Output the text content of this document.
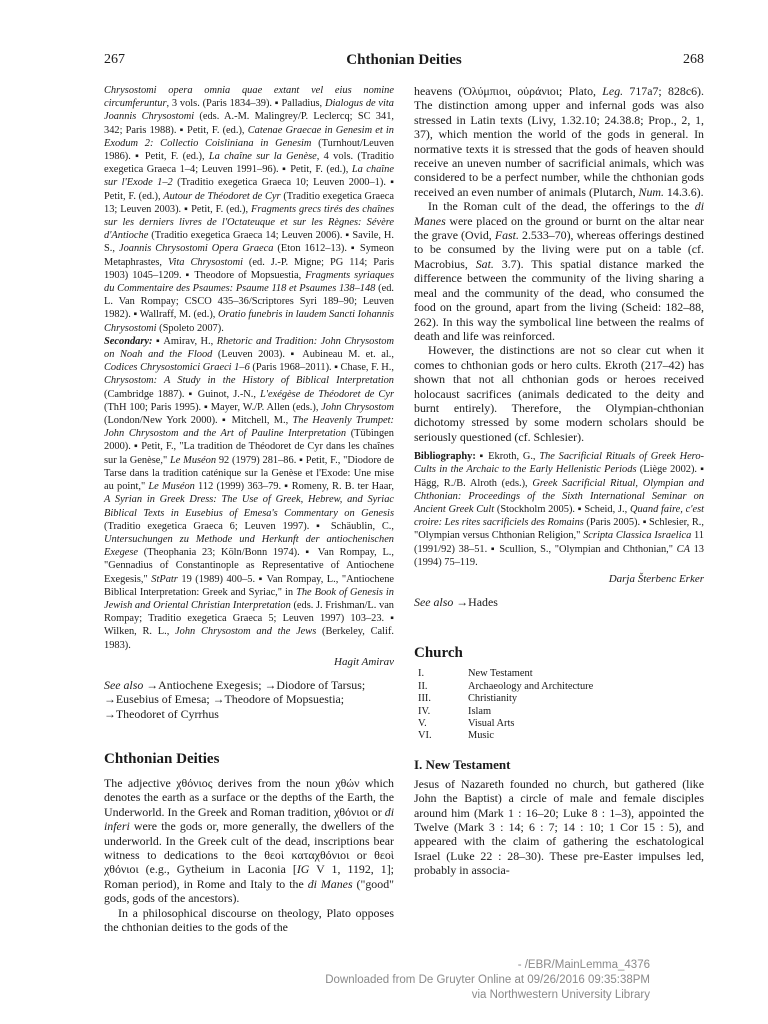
267	Chthonian Deities	268

Chrysostomi opera omnia quae extant vel eius nomine circumferuntur, 3 vols. (Paris 1834–39). ▪ Palladius, Dialogus de vita Joannis Chrysostomi (eds. A.-M. Malingrey/P. Leclercq; SC 341, 342; Paris 1988). ▪ Petit, F. (ed.), Catenae Graecae in Genesim et in Exodum 2: Collectio Coisliniana in Genesim (Turnhout/Leuven 1986). ▪ Petit, F. (ed.), La chaîne sur la Genèse, 4 vols. (Traditio exegetica Graeca 1–4; Leuven 1991–96). ▪ Petit, F. (ed.), La chaîne sur l'Exode 1–2 (Traditio exegetica Graeca 10; Leuven 2000–1). ▪ Petit, F. (ed.), Autour de Théodoret de Cyr (Traditio exegetica Graeca 13; Leuven 2003). ▪ Petit, F. (ed.), Fragments grecs tirés des chaînes sur les derniers livres de l'Octateuque et sur les Règnes: Sévère d'Antioche (Traditio exegetica Graeca 14; Leuven 2006). ▪ Savile, H. S., Joannis Chrysostomi Opera Graeca (Eton 1612–13). ▪ Symeon Metaphrastes, Vita Chrysostomi (ed. J.-P. Migne; PG 114; Paris 1903) 1045–1209. ▪ Theodore of Mopsuestia, Fragments syriaques du Commentaire des Psaumes: Psaume 118 et Psaumes 138–148 (ed. L. Van Rompay; CSCO 435–36/Scriptores Syri 189–90; Leuven 1982). ▪ Wallraff, M. (ed.), Oratio funebris in laudem Sancti Iohannis Chrysostomi (Spoleto 2007).

Secondary: ▪ Amirav, H., Rhetoric and Tradition: John Chrysostom on Noah and the Flood (Leuven 2003). ▪ Aubineau M. et. al., Codices Chrysostomici Graeci 1–6 (Paris 1968–2011). ▪ Chase, F. H., Chrysostom: A Study in the History of Biblical Interpretation (Cambridge 1887). ▪ Guinot, J.-N., L'exégèse de Théodoret de Cyr (ThH 100; Paris 1995). ▪ Mayer, W./P. Allen (eds.), John Chrysostom (London/New York 2000). ▪ Mitchell, M., The Heavenly Trumpet: John Chrysostom and the Art of Pauline Interpretation (Tübingen 2000). ▪ Petit, F., "La tradition de Théodoret de Cyr dans les chaînes sur la Genèse," Le Muséon 92 (1979) 281–86. ▪ Petit, F., "Diodore de Tarse dans la tradition caténique sur la Genèse et l'Exode: Une mise au point," Le Muséon 112 (1999) 363–79. ▪ Romeny, R. B. ter Haar, A Syrian in Greek Dress: The Use of Greek, Hebrew, and Syriac Biblical Texts in Eusebius of Emesa's Commentary on Genesis (Traditio exegetica Graeca 6; Leuven 1997). ▪ Schäublin, C., Untersuchungen zu Methode und Herkunft der antiochenischen Exegese (Theophania 23; Köln/Bonn 1974). ▪ Van Rompay, L., "Gennadius of Constantinople as Representative of Antiochene Exegesis," StPatr 19 (1989) 400–5. ▪ Van Rompay, L., "Antiochene Biblical Interpretation: Greek and Syriac," in The Book of Genesis in Jewish and Oriental Christian Interpretation (eds. J. Frishman/L. van Rompay; Traditio exegetica Graeca 5; Leuven 1997) 103–23. ▪ Wilken, R. L., John Chrysostom and the Jews (Berkeley, Calif. 1983).

Hagit Amirav

See also →Antiochene Exegesis; →Diodore of Tarsus; →Eusebius of Emesa; →Theodore of Mopsuestia; →Theodoret of Cyrrhus

Chthonian Deities

The adjective χθόνιος derives from the noun χθών which denotes the earth as a surface or the depths of the Earth, the Underworld. In the Greek and Roman tradition, χθόνιοι or di inferi were the gods or, more generally, the dwellers of the underworld. In the Greek cult of the dead, inscriptions bear witness to dedications to the θεοὶ καταχθόνιοι or θεοὶ χθόνιοι (e.g., Gytheium in Laconia [IG V 1, 1192, 1]; Roman period), in Rome and Italy to the di Manes ("good" gods, gods of the ancestors).

In a philosophical discourse on theology, Plato opposes the chthonian deities to the gods of the

heavens (Ὀλύμπιοι, οὐράνιοι; Plato, Leg. 717a7; 828c6). The distinction among upper and infernal gods was also stressed in Latin texts (Livy, 1.32.10; 24.38.8; Prop., 2, 1, 37), which mention the world of the gods in general. In normative texts it is stressed that the gods of heaven should receive an uneven number of sacrificial animals, which was considered to be a perfect number, while the chthonian gods received an even number of animals (Plutarch, Num. 14.3.6).

In the Roman cult of the dead, the offerings to the di Manes were placed on the ground or burnt on the altar near the grave (Ovid, Fast. 2.533–70), whereas offerings destined to be consumed by the living were put on a table (cf. Macrobius, Sat. 3.7). This spatial distance marked the difference between the community of the living sharing a meal and the community of the dead, who consumed the food on the ground, apart from the living (Scheid: 182–88, 262). In this way the symbolical line between the realms of death and life was reinforced.

However, the distinctions are not so clear cut when it comes to chthonian gods or hero cults. Ekroth (217–42) has shown that not all chthonian gods or heroes received holocaust sacrifices (animals dedicated to the deity and burnt entirely). Therefore, the Olympian-chthonian dichotomy stressed by some modern scholars should be seriously questioned (cf. Schlesier).

Bibliography: ▪ Ekroth, G., The Sacrificial Rituals of Greek Hero-Cults in the Archaic to the Early Hellenistic Periods (Liège 2002). ▪ Hägg, R./B. Alroth (eds.), Greek Sacrificial Ritual, Olympian and Chthonian: Proceedings of the Sixth International Seminar on Ancient Greek Cult (Stockholm 2005). ▪ Scheid, J., Quand faire, c'est croire: Les rites sacrificiels des Romains (Paris 2005). ▪ Schlesier, R., "Olympian versus Chthonian Religion," Scripta Classica Israelica 11 (1991/92) 38–51. ▪ Scullion, S., "Olympian and Chthonian," CA 13 (1994) 75–119.

Darja Šterbenc Erker

See also →Hades

Church
I.	New Testament
II.	Archaeology and Architecture
III.	Christianity
IV.	Islam
V.	Visual Arts
VI.	Music
I. New Testament

Jesus of Nazareth founded no church, but gathered (like John the Baptist) a circle of male and female disciples around him (Mark 1 : 16–20; Luke 8 : 1–3), appointed the Twelve (Mark 3 : 14; 6 : 7; 14 : 10; 1 Cor 15 : 5), and appeared with the claim of gathering the eschatological Israel (Luke 22 : 28–30). These pre-Easter impulses led, probably in associa-

- /EBR/MainLemma_4376
Downloaded from De Gruyter Online at 09/26/2016 09:35:38PM
via Northwestern University Library
